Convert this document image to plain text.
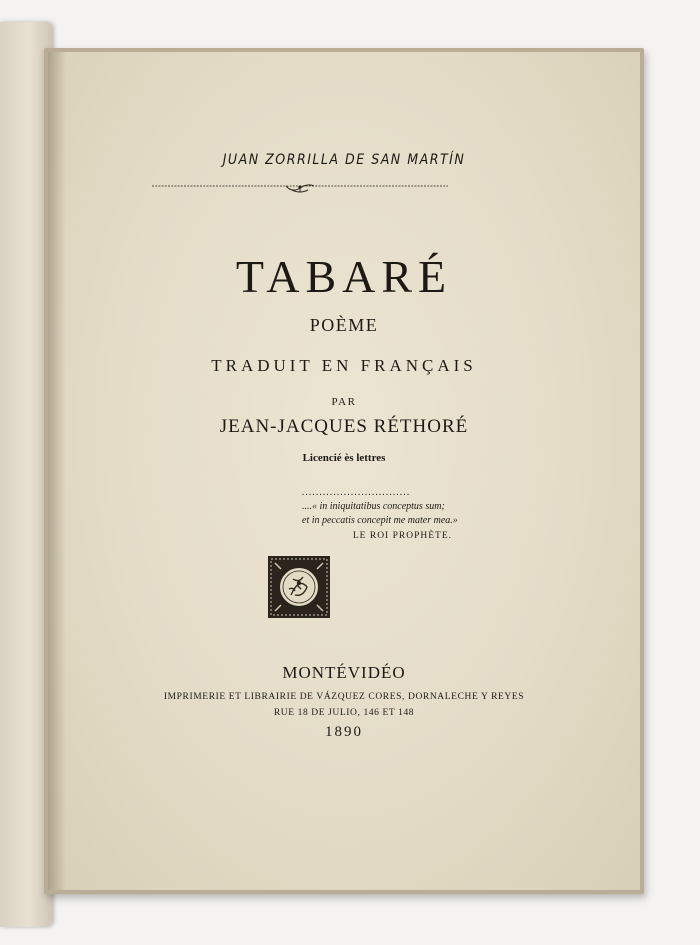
JUAN ZORRILLA DE SAN MARTÍN
TABARÉ
POÈME
TRADUIT EN FRANÇAIS
PAR
JEAN-JACQUES RÉTHORÉ
Licencié ès lettres
...............................
....« in iniquitatibus conceptus sum;
et in peccatis concepit me mater mea.»
LE ROI PROPHÈTE.
MONTÉVIDÉO
IMPRIMERIE ET LIBRAIRIE DE VÁZQUEZ CORES, DORNALECHE Y REYES
RUE 18 DE JULIO, 146 ET 148
1890
